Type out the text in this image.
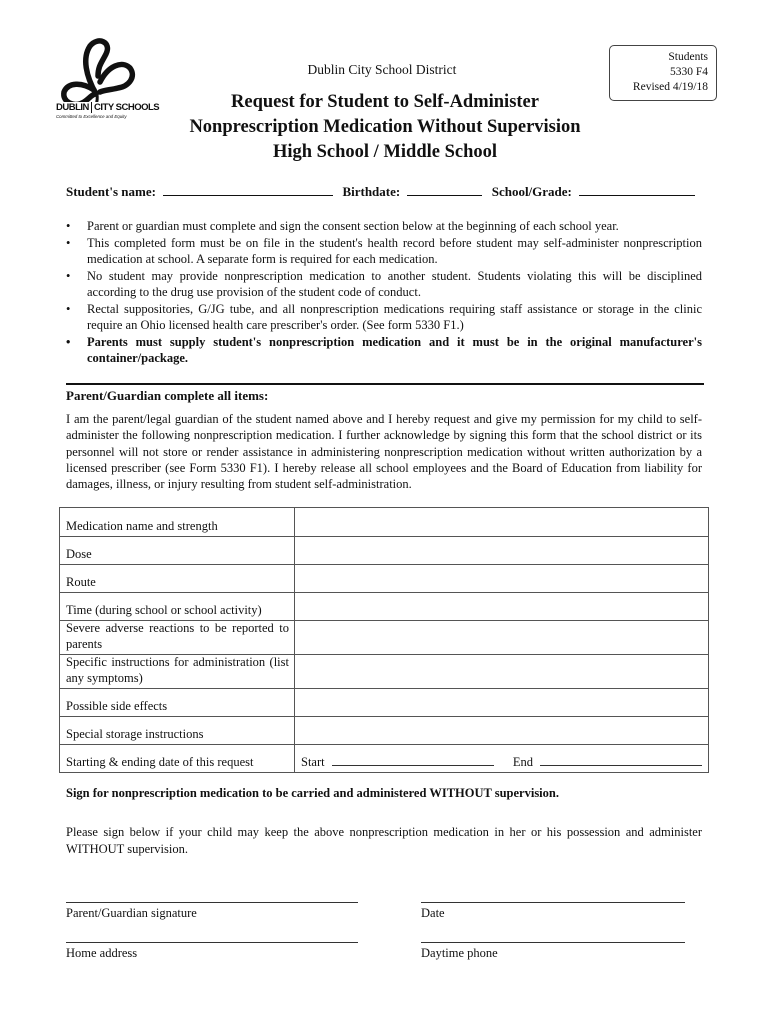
DUBLIN CITY SCHOOLS
Committed to Excellence and Equity
Dublin City School District
Students
5330 F4
Revised 4/19/18
Request for Student to Self-Administer
Nonprescription Medication Without Supervision
High School / Middle School
Student's name:	Birthdate:	School/Grade:
• Parent or guardian must complete and sign the consent section below at the beginning of each school year.
• This completed form must be on file in the student's health record before student may self-administer nonprescription medication at school. A separate form is required for each medication.
• No student may provide nonprescription medication to another student. Students violating this will be disciplined according to the drug use provision of the student code of conduct.
• Rectal suppositories, G/JG tube, and all nonprescription medications requiring staff assistance or storage in the clinic require an Ohio licensed health care prescriber's order. (See form 5330 F1.)
• Parents must supply student's nonprescription medication and it must be in the original manufacturer's container/package.
Parent/Guardian complete all items:

I am the parent/legal guardian of the student named above and I hereby request and give my permission for my child to self-administer the following nonprescription medication. I further acknowledge by signing this form that the school district or its personnel will not store or render assistance in administering nonprescription medication without written authorization by a licensed prescriber (see Form 5330 F1). I hereby release all school employees and the Board of Education from liability for damages, illness, or injury resulting from student self-administration.

Medication name and strength	
Dose	
Route	
Time (during school or school activity)	
Severe adverse reactions to be reported to parents	
Specific instructions for administration (list any symptoms)	
Possible side effects	
Special storage instructions	
Starting & ending date of this request	Start End
Sign for nonprescription medication to be carried and administered WITHOUT supervision.

Please sign below if your child may keep the above nonprescription medication in her or his possession and administer WITHOUT supervision.

Parent/Guardian signature	Date
Home address	Daytime phone
